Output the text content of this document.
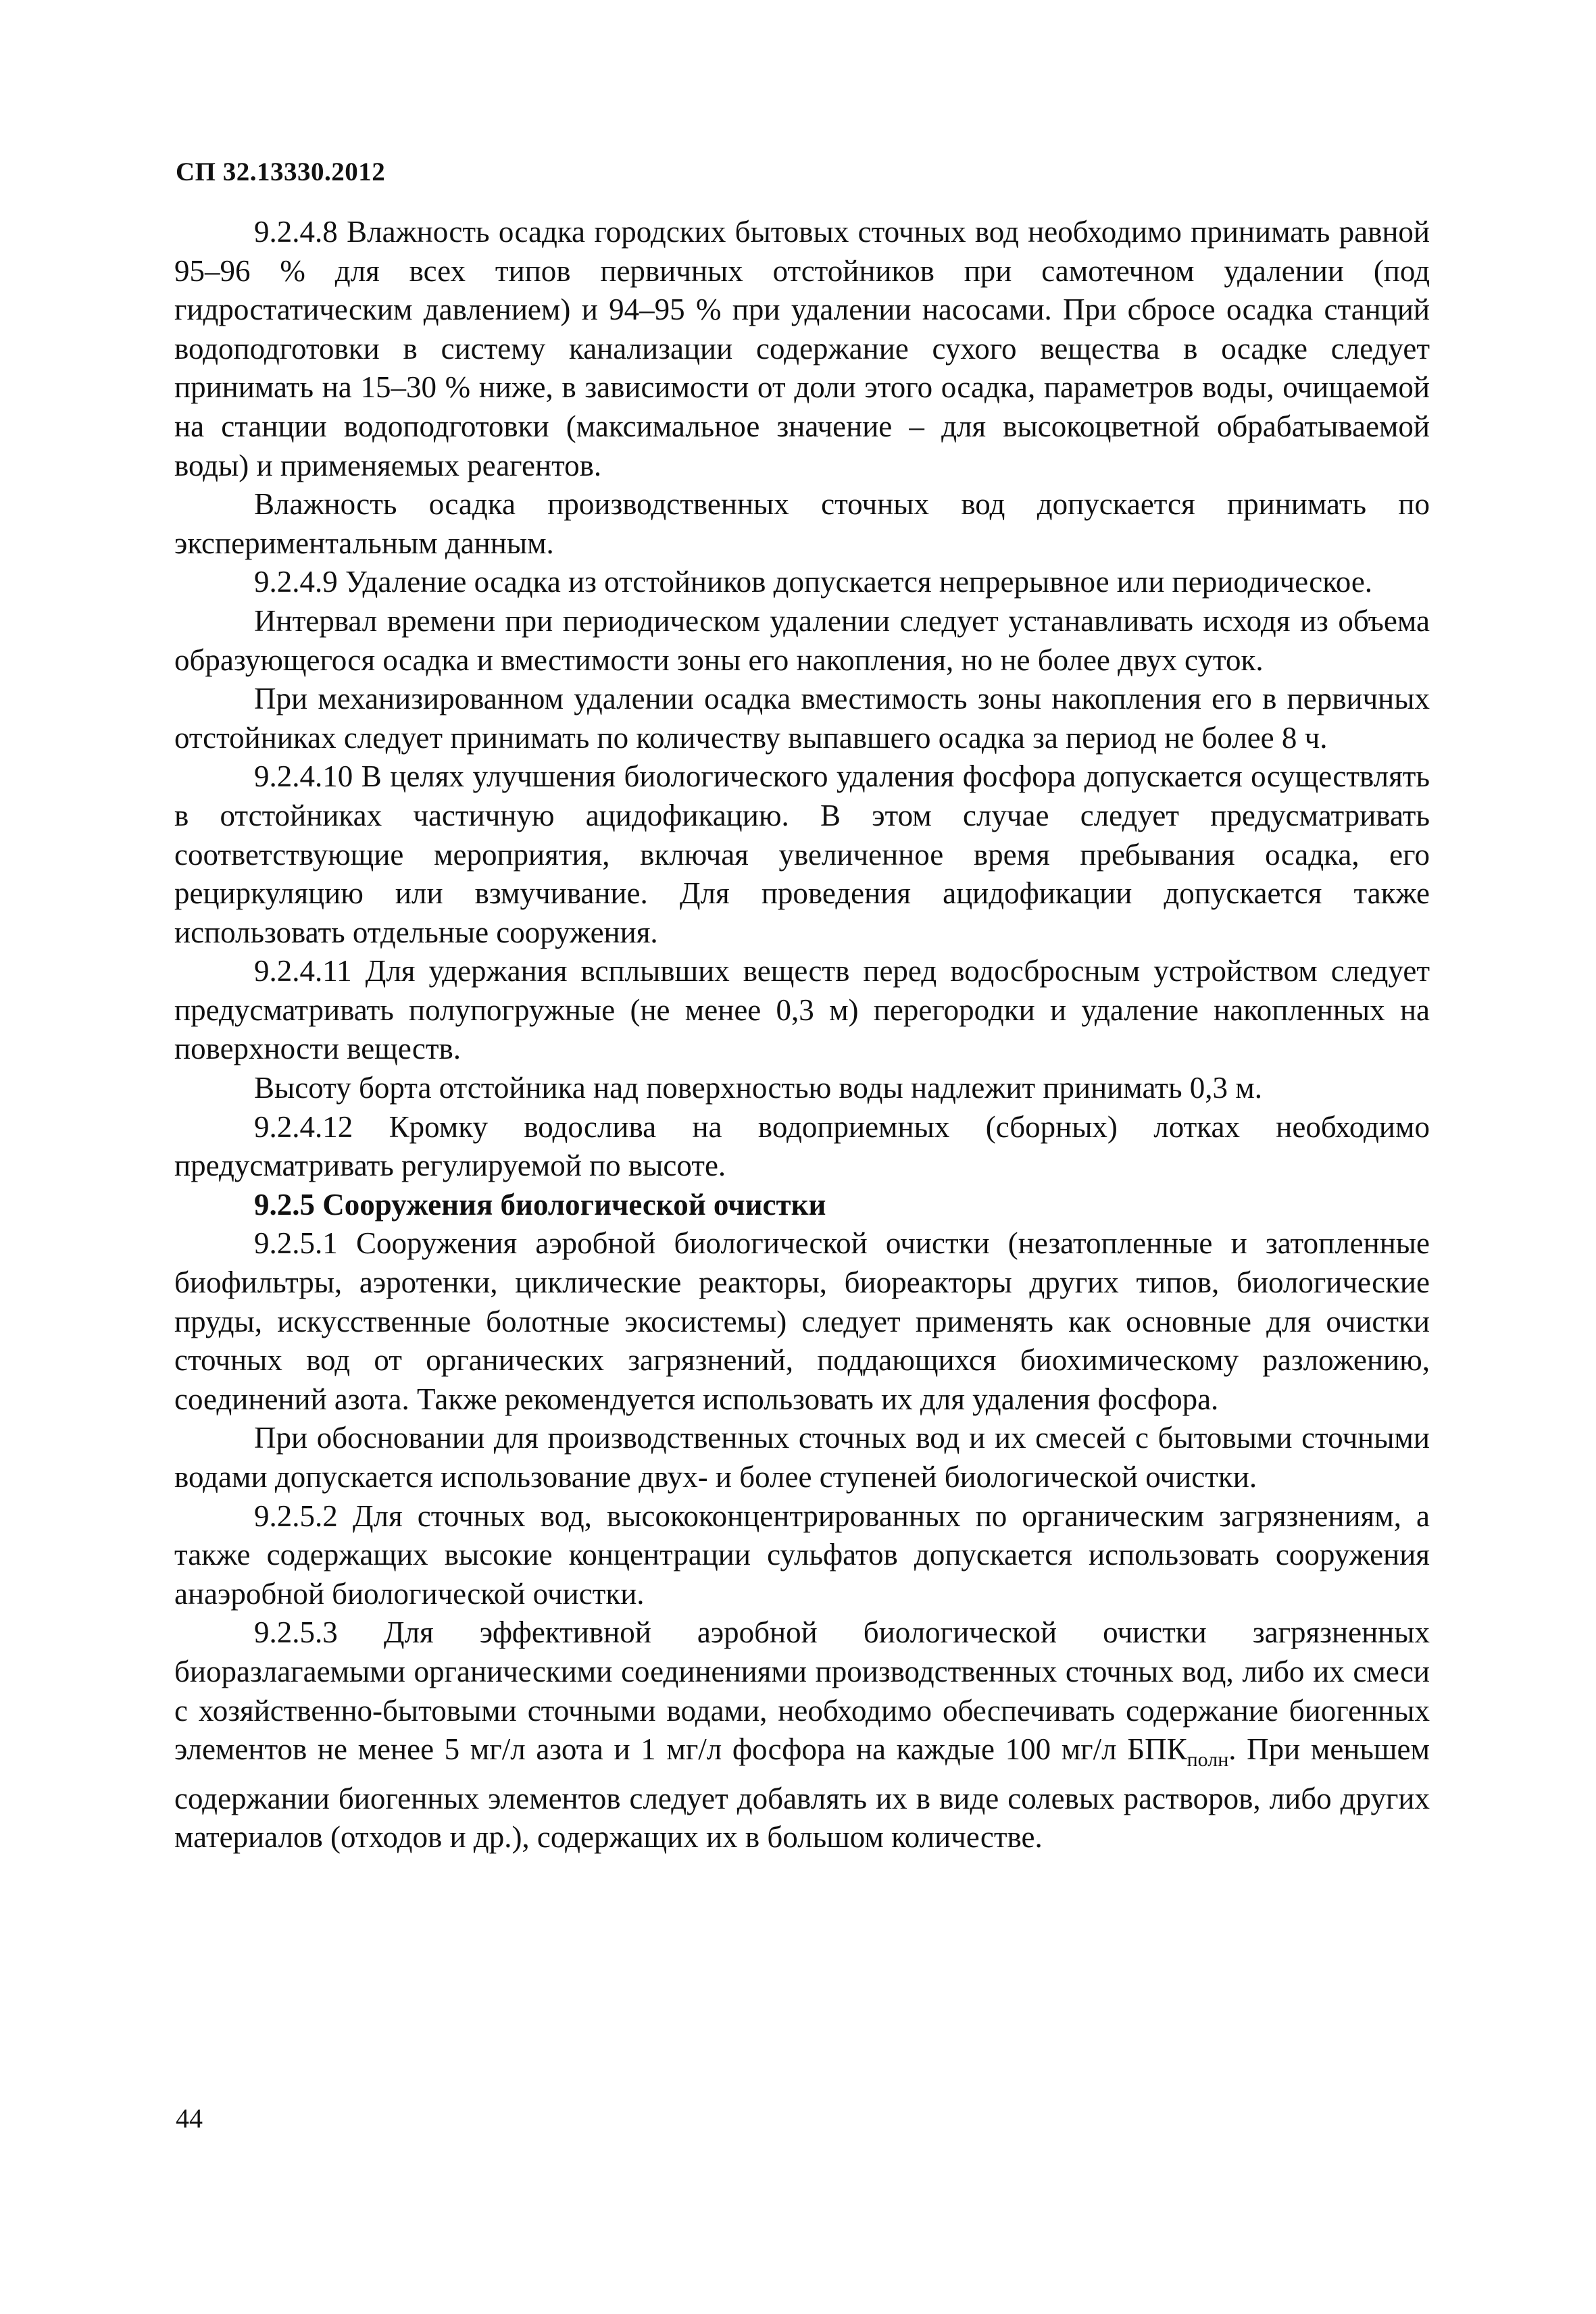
СП 32.13330.2012

9.2.4.8 Влажность осадка городских бытовых сточных вод необходимо принимать равной 95–96 % для всех типов первичных отстойников при самотечном удалении (под гидростатическим давлением) и 94–95 % при удалении насосами. При сбросе осадка станций водоподготовки в систему канализации содержание сухого вещества в осадке следует принимать на 15–30 % ниже, в зависимости от доли этого осадка, параметров воды, очищаемой на станции водоподготовки (максимальное значение – для высокоцветной обрабатываемой воды) и применяемых реагентов.

Влажность осадка производственных сточных вод допускается принимать по экспериментальным данным.

9.2.4.9 Удаление осадка из отстойников допускается непрерывное или периодическое.

Интервал времени при периодическом удалении следует устанавливать исходя из объема образующегося осадка и вместимости зоны его накопления, но не более двух суток.

При механизированном удалении осадка вместимость зоны накопления его в первичных отстойниках следует принимать по количеству выпавшего осадка за период не более 8 ч.

9.2.4.10 В целях улучшения биологического удаления фосфора допускается осуществлять в отстойниках частичную ацидофикацию. В этом случае следует предусматривать соответствующие мероприятия, включая увеличенное время пребывания осадка, его рециркуляцию или взмучивание. Для проведения ацидофикации допускается также использовать отдельные сооружения.

9.2.4.11 Для удержания всплывших веществ перед водосбросным устройством следует предусматривать полупогружные (не менее 0,3 м) перегородки и удаление накопленных на поверхности веществ.

Высоту борта отстойника над поверхностью воды надлежит принимать 0,3 м.

9.2.4.12 Кромку водослива на водоприемных (сборных) лотках необходимо предусматривать регулируемой по высоте.

9.2.5 Сооружения биологической очистки

9.2.5.1 Сооружения аэробной биологической очистки (незатопленные и затопленные биофильтры, аэротенки, циклические реакторы, биореакторы других типов, биологические пруды, искусственные болотные экосистемы) следует применять как основные для очистки сточных вод от органических загрязнений, поддающихся биохимическому разложению, соединений азота. Также рекомендуется использовать их для удаления фосфора.

При обосновании для производственных сточных вод и их смесей с бытовыми сточными водами допускается использование двух- и более ступеней биологической очистки.

9.2.5.2 Для сточных вод, высококонцентрированных по органическим загрязнениям, а также содержащих высокие концентрации сульфатов допускается использовать сооружения анаэробной биологической очистки.

9.2.5.3 Для эффективной аэробной биологической очистки загрязненных биоразлагаемыми органическими соединениями производственных сточных вод, либо их смеси с хозяйственно-бытовыми сточными водами, необходимо обеспечивать содержание биогенных элементов не менее 5 мг/л азота и 1 мг/л фосфора на каждые 100 мг/л $БПК_{полн}$. При меньшем содержании биогенных элементов следует добавлять их в виде солевых растворов, либо других материалов (отходов и др.), содержащих их в большом количестве.

44
